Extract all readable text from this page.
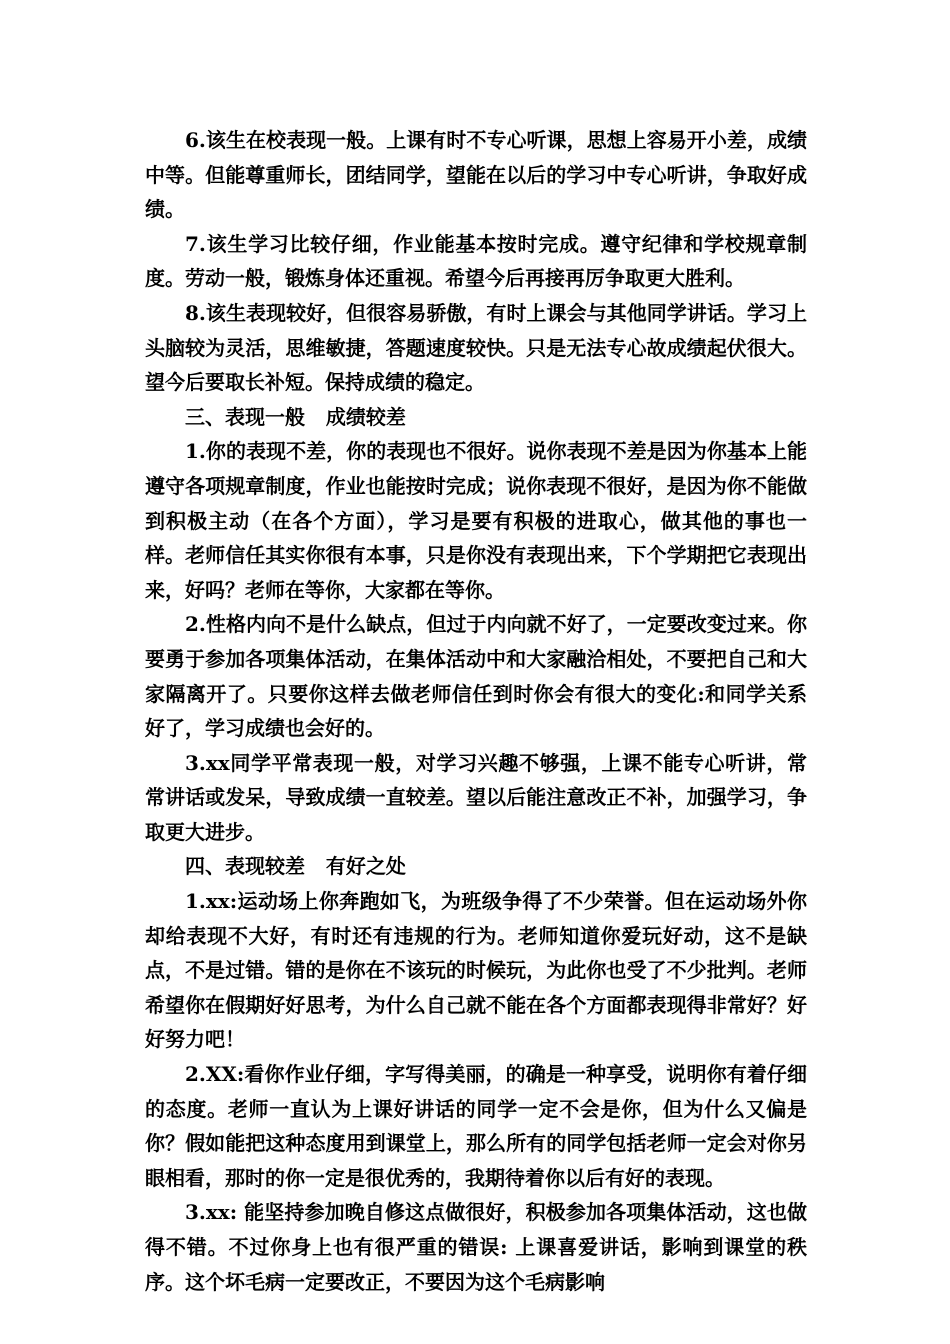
6.该生在校表现一般。上课有时不专心听课，思想上容易开小差，成绩中等。但能尊重师长，团结同学，望能在以后的学习中专心听讲，争取好成绩。

7.该生学习比较仔细，作业能基本按时完成。遵守纪律和学校规章制度。劳动一般，锻炼身体还重视。希望今后再接再厉争取更大胜利。

8.该生表现较好，但很容易骄傲，有时上课会与其他同学讲话。学习上头脑较为灵活，思维敏捷，答题速度较快。只是无法专心故成绩起伏很大。望今后要取长补短。保持成绩的稳定。

三、表现一般   成绩较差

1.你的表现不差，你的表现也不很好。说你表现不差是因为你基本上能遵守各项规章制度，作业也能按时完成；说你表现不很好，是因为你不能做到积极主动（在各个方面），学习是要有积极的进取心，做其他的事也一样。老师信任其实你很有本事，只是你没有表现出来，下个学期把它表现出来，好吗？老师在等你，大家都在等你。

2.性格内向不是什么缺点，但过于内向就不好了，一定要改变过来。你要勇于参加各项集体活动，在集体活动中和大家融洽相处，不要把自己和大家隔离开了。只要你这样去做老师信任到时你会有很大的变化:和同学关系好了，学习成绩也会好的。

3.xx同学平常表现一般，对学习兴趣不够强，上课不能专心听讲，常常讲话或发呆，导致成绩一直较差。望以后能注意改正不补，加强学习，争取更大进步。

四、表现较差   有好之处

1.xx:运动场上你奔跑如飞，为班级争得了不少荣誉。但在运动场外你却给表现不大好，有时还有违规的行为。老师知道你爱玩好动，这不是缺点，不是过错。错的是你在不该玩的时候玩，为此你也受了不少批判。老师希望你在假期好好思考，为什么自己就不能在各个方面都表现得非常好？好好努力吧！

2.XX:看你作业仔细，字写得美丽，的确是一种享受，说明你有着仔细的态度。老师一直认为上课好讲话的同学一定不会是你，但为什么又偏是你？假如能把这种态度用到课堂上，那么所有的同学包括老师一定会对你另眼相看，那时的你一定是很优秀的，我期待着你以后有好的表现。

3.xx: 能坚持参加晚自修这点做很好，积极参加各项集体活动，这也做得不错。不过你身上也有很严重的错误: 上课喜爱讲话，影响到课堂的秩序。这个坏毛病一定要改正，不要因为这个毛病影响
